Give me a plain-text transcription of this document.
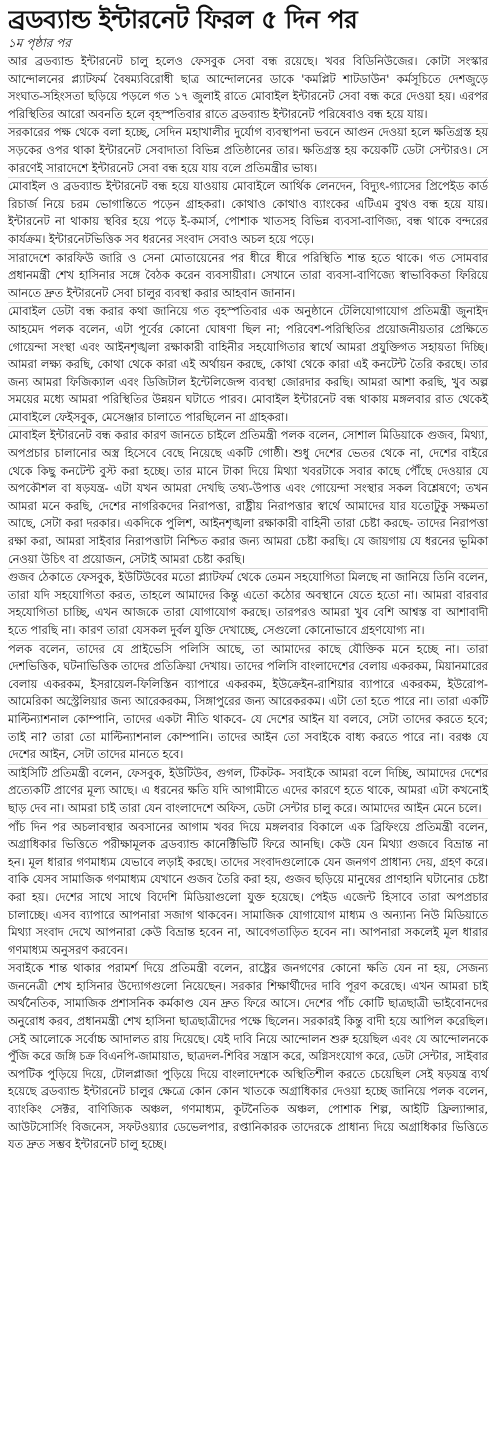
ব্রডব্যান্ড ইন্টারনেট ফিরল ৫ দিন পর
১ম পৃষ্ঠার পর

আর ব্রডব্যান্ড ইন্টারনেট চালু হলেও ফেসবুক সেবা বন্ধ রয়েছে। খবর বিডিনিউজের। কোটা সংস্কার আন্দোলনের প্ল্যাটফর্ম বৈষম্যবিরোধী ছাত্র আন্দোলনের ডাকে 'কমপ্লিট শাটডাউন' কর্মসূচিতে দেশজুড়ে সংঘাত-সহিংসতা ছড়িয়ে পড়লে গত ১৭ জুলাই রাতে মোবাইল ইন্টারনেট সেবা বন্ধ করে দেওয়া হয়। এরপর পরিস্থিতির আরো অবনতি হলে বৃহস্পতিবার রাতে ব্রডব্যান্ড ইন্টারনেট পরিষেবাও বন্ধ হয়ে যায়।

সরকারের পক্ষ থেকে বলা হচ্ছে, সেদিন মহাখালীর দুর্যোগ ব্যবস্থাপনা ভবনে আগুন দেওয়া হলে ক্ষতিগ্রস্ত হয় সড়কের ওপর থাকা ইন্টারনেট সেবাদাতা বিভিন্ন প্রতিষ্ঠানের তার। ক্ষতিগ্রস্ত হয় কয়েকটি ডেটা সেন্টারও। সে কারণেই সারাদেশে ইন্টারনেট সেবা বন্ধ হয়ে যায় বলে প্রতিমন্ত্রীর ভাষ্য।

মোবাইল ও ব্রডব্যান্ড ইন্টারনেট বন্ধ হয়ে যাওয়ায় মোবাইলে আর্থিক লেনদেন, বিদ্যুৎ-গ্যাসের প্রিপেইড কার্ড রিচার্জ নিয়ে চরম ভোগান্তিতে পড়েন গ্রাহকরা। কোথাও কোথাও ব্যাংকের এটিএম বুথও বন্ধ হয়ে যায়। ইন্টারনেট না থাকায় স্থবির হয়ে পড়ে ই-কমার্স, পোশাক খাতসহ বিভিন্ন ব্যবসা-বাণিজ্য, বন্ধ থাকে বন্দরের কার্যক্রম। ইন্টারনেটভিত্তিক সব ধরনের সংবাদ সেবাও অচল হয়ে পড়ে।

সারাদেশে কারফিউ জারি ও সেনা মোতায়েনের পর ধীরে ধীরে পরিস্থিতি শান্ত হতে থাকে। গত সোমবার প্রধানমন্ত্রী শেখ হাসিনার সঙ্গে বৈঠক করেন ব্যবসায়ীরা। সেখানে তারা ব্যবসা-বাণিজ্যে স্বাভাবিকতা ফিরিয়ে আনতে দ্রুত ইন্টারনেট সেবা চালুর ব্যবস্থা করার আহবান জানান।

মোবাইল ডেটা বন্ধ করার কথা জানিয়ে গত বৃহস্পতিবার এক অনুষ্ঠানে টেলিযোগাযোগ প্রতিমন্ত্রী জুনাইদ আহমেদ পলক বলেন, এটা পূর্বের কোনো ঘোষণা ছিল না; পরিবেশ-পরিস্থিতির প্রয়োজনীয়তার প্রেক্ষিতে গোয়েন্দা সংস্থা এবং আইনশৃঙ্খলা রক্ষাকারী বাহিনীর সহযোগিতার স্বার্থে আমরা প্রযুক্তিগত সহায়তা দিচ্ছি। আমরা লক্ষ্য করছি, কোথা থেকে কারা এই অর্থায়ন করছে, কোথা থেকে কারা এই কনটেন্ট তৈরি করছে। তার জন্য আমরা ফিজিক্যাল এবং ডিজিটাল ইন্টেলিজেন্স ব্যবস্থা জোরদার করছি। আমরা আশা করছি, খুব অল্প সময়ের মধ্যে আমরা পরিস্থিতির উন্নয়ন ঘটাতে পারব। মোবাইল ইন্টারনেট বন্ধ থাকায় মঙ্গলবার রাত থেকেই মোবাইলে ফেইসবুক, মেসেঞ্জার চালাতে পারছিলেন না গ্রাহকরা।

মোবাইল ইন্টারনেট বন্ধ করার কারণ জানতে চাইলে প্রতিমন্ত্রী পলক বলেন, সোশাল মিডিয়াকে গুজব, মিথ্যা, অপপ্রচার চালানোর অস্ত্র হিসেবে বেছে নিয়েছে একটি গোষ্ঠী। শুধু দেশের ভেতর থেকে না, দেশের বাইরে থেকে কিছু কনটেন্ট বুস্ট করা হচ্ছে। তার মানে টাকা দিয়ে মিথ্যা খবরটাকে সবার কাছে পৌঁছে দেওয়ার যে অপকৌশল বা ষড়যন্ত্র- এটা যখন আমরা দেখছি তথ্য-উপাত্ত এবং গোয়েন্দা সংস্থার সকল বিশ্লেষণে; তখন আমরা মনে করছি, দেশের নাগরিকদের নিরাপত্তা, রাষ্ট্রীয় নিরাপত্তার স্বার্থে আমাদের যার যতোটুকু সক্ষমতা আছে, সেটা করা দরকার। একদিকে পুলিশ, আইনশৃঙ্খলা রক্ষাকারী বাহিনী তারা চেষ্টা করছে- তাদের নিরাপত্তা রক্ষা করা, আমরা সাইবার নিরাপত্তাটা নিশ্চিত করার জন্য আমরা চেষ্টা করছি। যে জায়গায় যে ধরনের ভূমিকা নেওয়া উচিৎ বা প্রয়োজন, সেটাই আমরা চেষ্টা করছি।

গুজব ঠেকাতে ফেসবুক, ইউটিউবের মতো প্ল্যাটফর্ম থেকে তেমন সহযোগিতা মিলছে না জানিয়ে তিনি বলেন, তারা যদি সহযোগিতা করত, তাহলে আমাদের কিন্তু এতো কঠোর অবস্থানে যেতে হতো না। আমরা বারবার সহযোগিতা চাচ্ছি, এখন আজকে তারা যোগাযোগ করছে। তারপরও আমরা খুব বেশি আশ্বস্ত বা আশাবাদী হতে পারছি না। কারণ তারা যেসকল দুর্বল যুক্তি দেখাচ্ছে, সেগুলো কোনোভাবে গ্রহণযোগ্য না।

পলক বলেন, তাদের যে প্রাইভেসি পলিসি আছে, তা আমাদের কাছে যৌক্তিক মনে হচ্ছে না। তারা দেশভিত্তিক, ঘটনাভিত্তিক তাদের প্রতিক্রিয়া দেখায়। তাদের পলিসি বাংলাদেশের বেলায় একরকম, মিয়ানমারের বেলায় একরকম, ইসরায়েল-ফিলিস্তিন ব্যাপারে একরকম, ইউক্রেইন-রাশিয়ার ব্যাপারে একরকম, ইউরোপ-আমেরিকা অস্ট্রেলিয়ার জন্য আরেকরকম, সিঙ্গাপুরের জন্য আরেকরকম। এটা তো হতে পারে না। তারা একটি মাল্টিন্যাশনাল কোম্পানি, তাদের একটা নীতি থাকবে- যে দেশের আইন যা বলবে, সেটা তাদের করতে হবে; তাই না? তারা তো মাল্টিন্যাশনাল কোম্পানি। তাদের আইন তো সবাইকে বাধ্য করতে পারে না। বরঞ্চ যে দেশের আইন, সেটা তাদের মানতে হবে।

আইসিটি প্রতিমন্ত্রী বলেন, ফেসবুক, ইউটিউব, গুগল, টিকটক- সবাইকে আমরা বলে দিচ্ছি, আমাদের দেশের প্রত্যেকটি প্রাণের মূল্য আছে। এ ধরনের ক্ষতি যদি আগামীতে এদের কারণে হতে থাকে, আমরা এটা কখনোই ছাড় দেব না। আমরা চাই তারা যেন বাংলাদেশে অফিস, ডেটা সেন্টার চালু করে। আমাদের আইন মেনে চলে।

পাঁচ দিন পর অচলাবস্থার অবসানের আগাম খবর দিয়ে মঙ্গলবার বিকালে এক ব্রিফিংয়ে প্রতিমন্ত্রী বলেন, অগ্রাধিকার ভিত্তিতে পরীক্ষামূলক ব্রডব্যান্ড কানেক্টিভিটি ফিরে আনছি। কেউ যেন মিথ্যা গুজবে বিভ্রান্ত না হন। মূল ধারার গণমাধ্যম যেভাবে লড়াই করছে। তাদের সংবাদগুলোকে যেন জনগণ প্রাধান্য দেয়, গ্রহণ করে। বাকি যেসব সামাজিক গণমাধ্যম যেখানে গুজব তৈরি করা হয়, গুজব ছড়িয়ে মানুষের প্রাণহানি ঘটানোর চেষ্টা করা হয়। দেশের সাথে সাথে বিদেশি মিডিয়াগুলো যুক্ত হয়েছে। পেইড এজেন্ট হিসাবে তারা অপপ্রচার চালাচ্ছে। এসব ব্যাপারে আপনারা সজাগ থাকবেন। সামাজিক যোগাযোগ মাধ্যম ও অন্যান্য নিউ মিডিয়াতে মিথ্যা সংবাদ দেখে আপনারা কেউ বিভ্রান্ত হবেন না, আবেগতাড়িত হবেন না। আপনারা সকলেই মূল ধারার গণমাধ্যম অনুসরণ করবেন।

সবাইকে শান্ত থাকার পরামর্শ দিয়ে প্রতিমন্ত্রী বলেন, রাষ্ট্রের জনগণের কোনো ক্ষতি যেন না হয়, সেজন্য জননেত্রী শেখ হাসিনার উদ্যোগগুলো নিয়েছেন। সরকার শিক্ষার্থীদের দাবি পূরণ করেছে। এখন আমরা চাই অর্থনৈতিক, সামাজিক প্রশাসনিক কর্মকাণ্ড যেন দ্রুত ফিরে আসে। দেশের পাঁচ কোটি ছাত্রছাত্রী ভাইবোনদের অনুরোধ করব, প্রধানমন্ত্রী শেখ হাসিনা ছাত্রছাত্রীদের পক্ষে ছিলেন। সরকারই কিন্তু বাদী হয়ে আপিল করেছিল। সেই আলোকে সর্বোচ্চ আদালত রায় দিয়েছে। যেই দাবি নিয়ে আন্দোলন শুরু হয়েছিল এবং যে আন্দোলনকে পুঁজি করে জঙ্গি চক্র বিএনপি-জামায়াত, ছাত্রদল-শিবির সন্ত্রাস করে, অগ্নিসংযোগ করে, ডেটা সেন্টার, সাইবার অপটিক পুড়িয়ে দিয়ে, টোলপ্লাজা পুড়িয়ে দিয়ে বাংলাদেশকে অস্থিতিশীল করতে চেয়েছিল সেই ষড়যন্ত্র ব্যর্থ হয়েছে ব্রডব্যান্ড ইন্টারনেট চালুর ক্ষেত্রে কোন কোন খাতকে অগ্রাধিকার দেওয়া হচ্ছে জানিয়ে পলক বলেন, ব্যাংকিং সেক্টর, বাণিজ্যিক অঞ্চল, গণমাধ্যম, কূটনৈতিক অঞ্চল, পোশাক শিল্প, আইটি ফ্রিল্যান্সার, আউটসোর্সিং বিজনেস, সফটওয়্যার ডেভেলপার, রপ্তানিকারক তাদেরকে প্রাধান্য দিয়ে অগ্রাধিকার ভিত্তিতে যত দ্রুত সম্ভব ইন্টারনেট চালু হচ্ছে।
